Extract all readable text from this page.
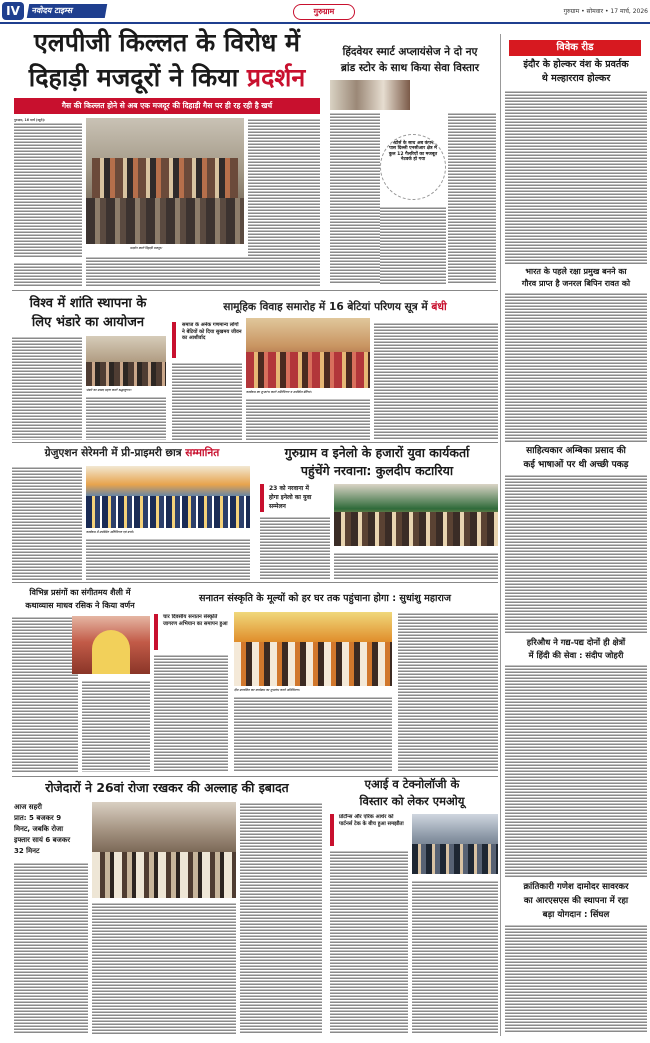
IV	नवोदय टाइम्स	गुरुग्राम	गुरुग्राम • सोमवार • 17 मार्च, 2026
एलपीजी किल्लत के विरोध में
दिहाड़ी मजदूरों ने किया प्रदर्शन
गैस की किल्लत होने से अब एक मजदूर की दिहाड़ी गैस पर ही रह रही है खर्च
गुरुग्राम, 16 मार्च (ब्यूरो):
प्रदर्शन करते दिहाड़ी मजदूर।
हिंदवेयर स्मार्ट अप्लायंसेज ने दो नए
ब्रांड स्टोर के साथ किया सेवा विस्तार
नए स्टोर्स के साथ अब कंपनी के पास दिल्ली एनसीआर क्षेत्र में कुल 12 गैलरियों का मजबूत नेटवर्क हो गया
विवेक रीड
इंदौर के होल्कर वंश के प्रवर्तक
थे मल्हारराव होल्कर
भारत के पहले रक्षा प्रमुख बनने का
गौरव प्राप्त है जनरल बिपिन रावत को
साहित्यकार अम्बिका प्रसाद की
कई भाषाओं पर थी अच्छी पकड़
हरिऔध ने गद्य-पद्य दोनों ही क्षेत्रों
में हिंदी की सेवा : संदीप जोहरी
क्रांतिकारी गणेश दामोदर सावरकर
का आरएसएस की स्थापना में रहा
बड़ा योगदान : सिंघल
विश्व में शांति स्थापना के
लिए भंडारे का आयोजन
भंडारे का प्रसाद ग्रहण करते श्रद्धालुगण।
सामूहिक विवाह समारोह में 16 बेटियां परिणय सूत्र में बंधी
समाज के अनेक गणमान्य लोगों ने बेटियों को दिया सुखमय जीवन का आशीर्वाद
कार्यक्रम का शुभारंभ करते अतिथिगण व उपस्थित बेटियां।
ग्रेजुएशन सेरेमनी में प्री-प्राइमरी छात्र सम्मानित
कार्यक्रम में उपस्थित अतिथिगण एवं बच्चे।
गुरुग्राम व इनेलो के हजारों युवा कार्यकर्ता
पहुंचेंगे नरवाना: कुलदीप कटारिया
23 को नरवाना में
होगा इनेलो का युवा
सम्मेलन
विभिन्न प्रसंगों का संगीतमय शैली में
कथाव्यास माधव रसिक ने किया वर्णन
सनातन संस्कृति के मूल्यों को हर घर तक पहुंचाना होगा : सुधांशु महाराज
चार दिवसीय सनातन संस्कृति जागरण अभियान का समापन हुआ
दीप प्रज्वलित कर कार्यक्रम का शुभारंभ करते अतिथिगण।
रोजेदारों ने 26वां रोजा रखकर की अल्लाह की इबादत
आज सहरी
प्रात: 5 बजकर 9
मिनट, जबकि रोजा
इफ्तार सायं 6 बजकर
32 मिनट
एआई व टेक्नोलॉजी के
विस्तार को लेकर एमओयू
प्रोटॉन्स और एरिक आर्थर को पार्टनर्स टेक के बीच हुआ समझौता
